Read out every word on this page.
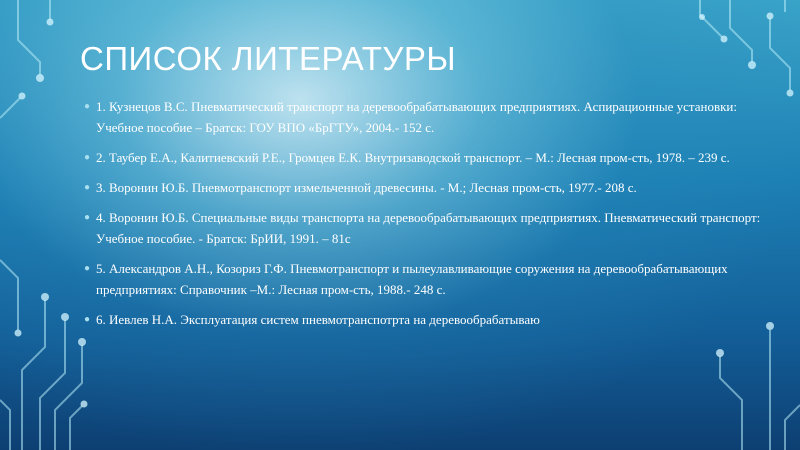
СПИСОК ЛИТЕРАТУРЫ
● 1. Кузнецов В.С. Пневматический транспорт на деревообрабатывающих предприятиях. Аспирационные установки: Учебное пособие – Братск: ГОУ ВПО «БрГТУ», 2004.- 152 с.
● 2. Таубер Е.А., Калитиевский Р.Е., Громцев Е.К. Внутризаводской транспорт. – М.: Лесная пром-сть, 1978. – 239 с.
● 3. Воронин Ю.Б. Пневмотранспорт измельченной древесины. - М.; Лесная пром-сть, 1977.- 208 с.
● 4. Воронин Ю.Б. Специальные виды транспорта на деревообрабатывающих предприятиях. Пневматический транспорт: Учебное пособие. - Братск: БрИИ, 1991. – 81с
● 5. Александров А.Н., Козориз Г.Ф. Пневмотранспорт и пылеулавливающие соружения на деревообрабатывающих предприятиях: Справочник –М.: Лесная пром-сть, 1988.- 248 с.
● 6. Иевлев Н.А. Эксплуатация систем пневмотранспотрта на деревообрабатываю
